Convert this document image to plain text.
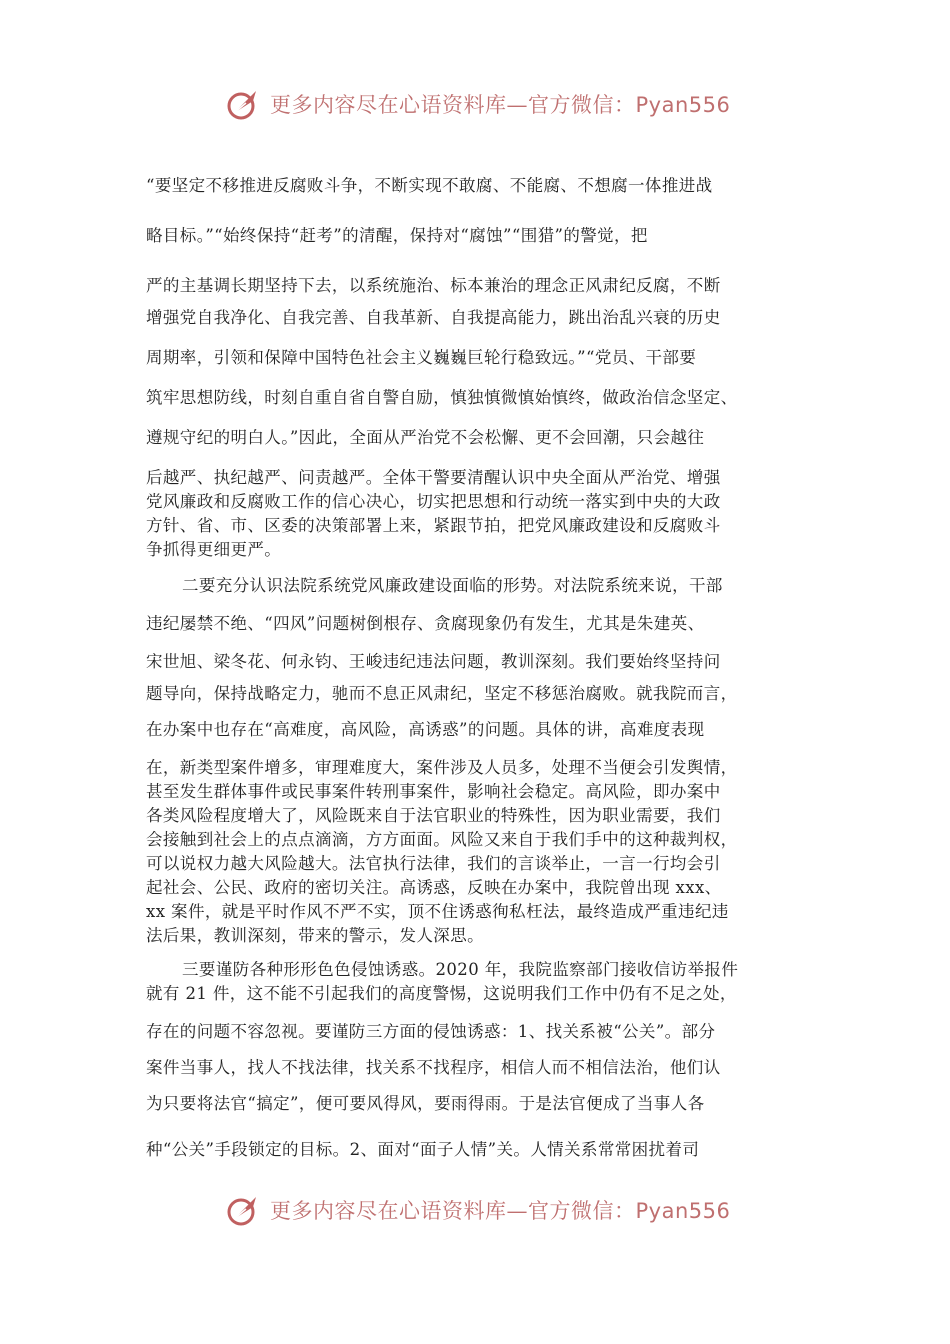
更多内容尽在心语资料库—官方微信：Pyan556
“要坚定不移推进反腐败斗争，不断实现不敢腐、不能腐、不想腐一体推进战
略目标。”“始终保持“赶考”的清醒，保持对“腐蚀”“围猎”的警觉，把
严的主基调长期坚持下去，以系统施治、标本兼治的理念正风肃纪反腐，不断
增强党自我净化、自我完善、自我革新、自我提高能力，跳出治乱兴衰的历史
周期率，引领和保障中国特色社会主义巍巍巨轮行稳致远。”“党员、干部要
筑牢思想防线，时刻自重自省自警自励，慎独慎微慎始慎终，做政治信念坚定、
遵规守纪的明白人。”因此，全面从严治党不会松懈、更不会回潮，只会越往
后越严、执纪越严、问责越严。全体干警要清醒认识中央全面从严治党、增强
党风廉政和反腐败工作的信心决心，切实把思想和行动统一落实到中央的大政
方针、省、市、区委的决策部署上来，紧跟节拍，把党风廉政建设和反腐败斗
争抓得更细更严。
二要充分认识法院系统党风廉政建设面临的形势。对法院系统来说，干部
违纪屡禁不绝、“四风”问题树倒根存、贪腐现象仍有发生，尤其是朱建英、
宋世旭、梁冬花、何永钧、王峻违纪违法问题，教训深刻。我们要始终坚持问
题导向，保持战略定力，驰而不息正风肃纪，坚定不移惩治腐败。就我院而言，
在办案中也存在“高难度，高风险，高诱惑”的问题。具体的讲，高难度表现
在，新类型案件增多，审理难度大，案件涉及人员多，处理不当便会引发舆情，
甚至发生群体事件或民事案件转刑事案件，影响社会稳定。高风险，即办案中
各类风险程度增大了，风险既来自于法官职业的特殊性，因为职业需要，我们
会接触到社会上的点点滴滴，方方面面。风险又来自于我们手中的这种裁判权，
可以说权力越大风险越大。法官执行法律，我们的言谈举止，一言一行均会引
起社会、公民、政府的密切关注。高诱惑，反映在办案中，我院曾出现 xxx、
xx 案件，就是平时作风不严不实，顶不住诱惑徇私枉法，最终造成严重违纪违
法后果，教训深刻，带来的警示，发人深思。
三要谨防各种形形色色侵蚀诱惑。2020 年，我院监察部门接收信访举报件
就有 21 件，这不能不引起我们的高度警惕，这说明我们工作中仍有不足之处，
存在的问题不容忽视。要谨防三方面的侵蚀诱惑：1、找关系被“公关”。部分
案件当事人，找人不找法律，找关系不找程序，相信人而不相信法治，他们认
为只要将法官“搞定”，便可要风得风，要雨得雨。于是法官便成了当事人各
种“公关”手段锁定的目标。2、面对“面子人情”关。人情关系常常困扰着司
更多内容尽在心语资料库—官方微信：Pyan556
